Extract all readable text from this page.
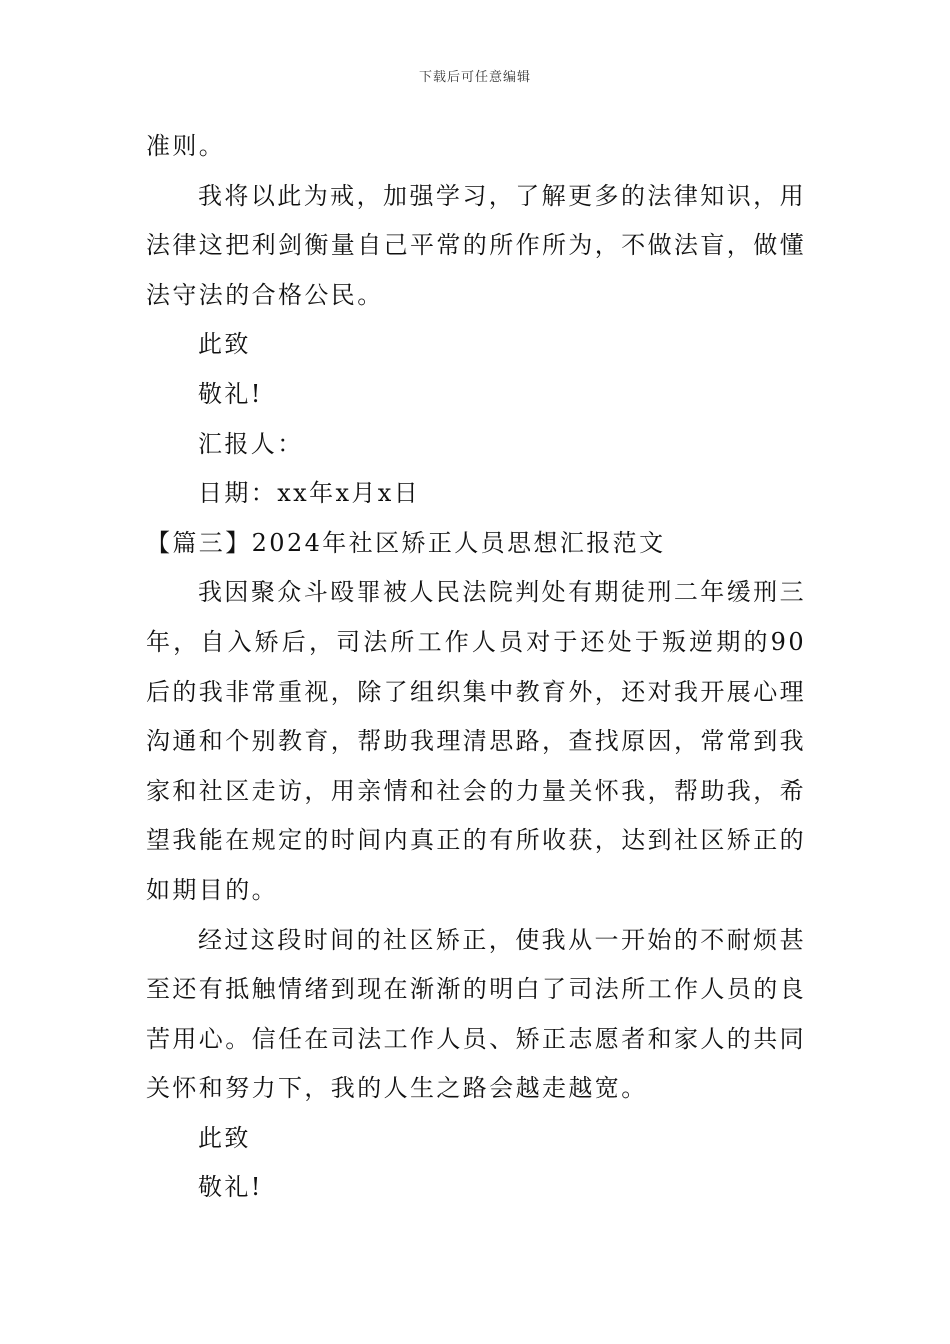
下载后可任意编辑

准则。

我将以此为戒，加强学习，了解更多的法律知识，用法律这把利剑衡量自己平常的所作所为，不做法盲，做懂法守法的合格公民。

此致

敬礼!

汇报人：

日期：xx年x月x日

【篇三】2024年社区矫正人员思想汇报范文

我因聚众斗殴罪被人民法院判处有期徒刑二年缓刑三年，自入矫后，司法所工作人员对于还处于叛逆期的90后的我非常重视，除了组织集中教育外，还对我开展心理沟通和个别教育，帮助我理清思路，查找原因，常常到我家和社区走访，用亲情和社会的力量关怀我，帮助我，希望我能在规定的时间内真正的有所收获，达到社区矫正的如期目的。

经过这段时间的社区矫正，使我从一开始的不耐烦甚至还有抵触情绪到现在渐渐的明白了司法所工作人员的良苦用心。信任在司法工作人员、矫正志愿者和家人的共同关怀和努力下，我的人生之路会越走越宽。

此致

敬礼!
